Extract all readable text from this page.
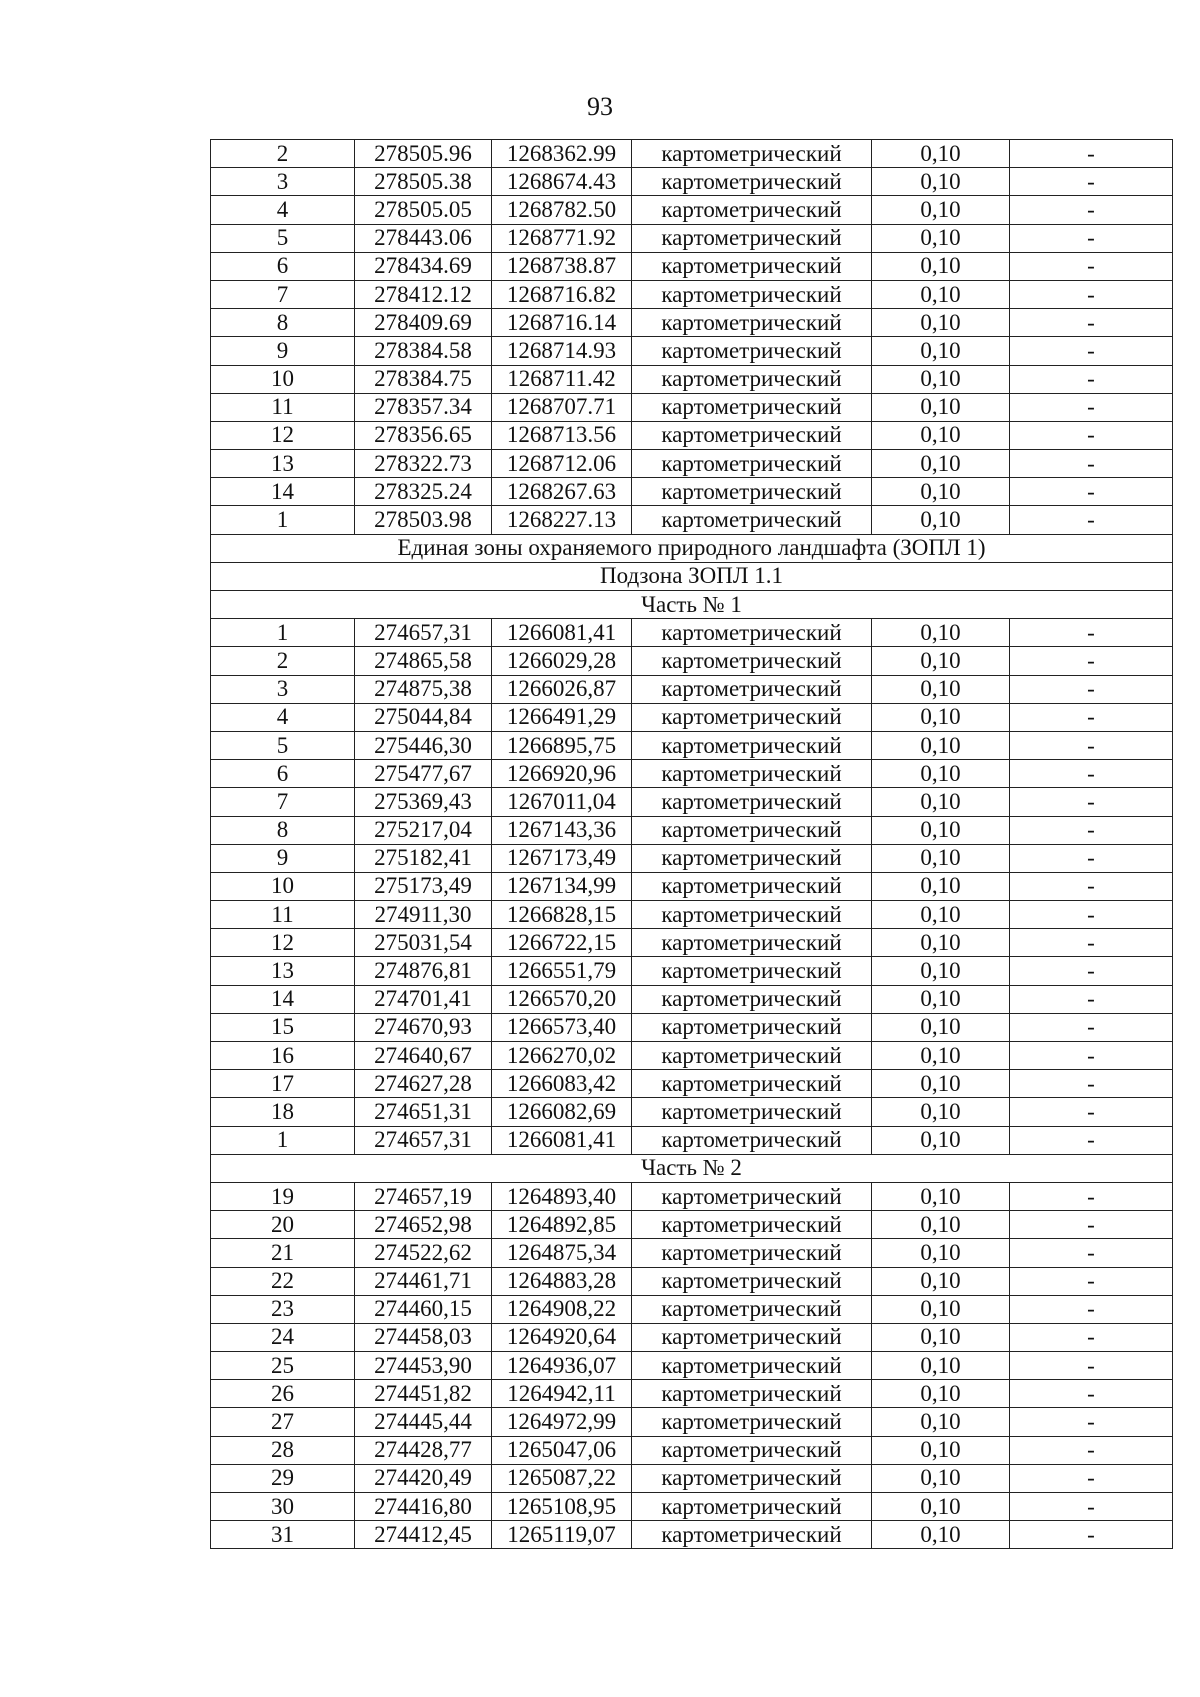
93
2	278505.96	1268362.99	картометрический	0,10	-
3	278505.38	1268674.43	картометрический	0,10	-
4	278505.05	1268782.50	картометрический	0,10	-
5	278443.06	1268771.92	картометрический	0,10	-
6	278434.69	1268738.87	картометрический	0,10	-
7	278412.12	1268716.82	картометрический	0,10	-
8	278409.69	1268716.14	картометрический	0,10	-
9	278384.58	1268714.93	картометрический	0,10	-
10	278384.75	1268711.42	картометрический	0,10	-
11	278357.34	1268707.71	картометрический	0,10	-
12	278356.65	1268713.56	картометрический	0,10	-
13	278322.73	1268712.06	картометрический	0,10	-
14	278325.24	1268267.63	картометрический	0,10	-
1	278503.98	1268227.13	картометрический	0,10	-
Единая зоны охраняемого природного ландшафта (ЗОПЛ 1)					
Подзона ЗОПЛ 1.1					
Часть № 1					
1	274657,31	1266081,41	картометрический	0,10	-
2	274865,58	1266029,28	картометрический	0,10	-
3	274875,38	1266026,87	картометрический	0,10	-
4	275044,84	1266491,29	картометрический	0,10	-
5	275446,30	1266895,75	картометрический	0,10	-
6	275477,67	1266920,96	картометрический	0,10	-
7	275369,43	1267011,04	картометрический	0,10	-
8	275217,04	1267143,36	картометрический	0,10	-
9	275182,41	1267173,49	картометрический	0,10	-
10	275173,49	1267134,99	картометрический	0,10	-
11	274911,30	1266828,15	картометрический	0,10	-
12	275031,54	1266722,15	картометрический	0,10	-
13	274876,81	1266551,79	картометрический	0,10	-
14	274701,41	1266570,20	картометрический	0,10	-
15	274670,93	1266573,40	картометрический	0,10	-
16	274640,67	1266270,02	картометрический	0,10	-
17	274627,28	1266083,42	картометрический	0,10	-
18	274651,31	1266082,69	картометрический	0,10	-
1	274657,31	1266081,41	картометрический	0,10	-
Часть № 2					
19	274657,19	1264893,40	картометрический	0,10	-
20	274652,98	1264892,85	картометрический	0,10	-
21	274522,62	1264875,34	картометрический	0,10	-
22	274461,71	1264883,28	картометрический	0,10	-
23	274460,15	1264908,22	картометрический	0,10	-
24	274458,03	1264920,64	картометрический	0,10	-
25	274453,90	1264936,07	картометрический	0,10	-
26	274451,82	1264942,11	картометрический	0,10	-
27	274445,44	1264972,99	картометрический	0,10	-
28	274428,77	1265047,06	картометрический	0,10	-
29	274420,49	1265087,22	картометрический	0,10	-
30	274416,80	1265108,95	картометрический	0,10	-
31	274412,45	1265119,07	картометрический	0,10	-
